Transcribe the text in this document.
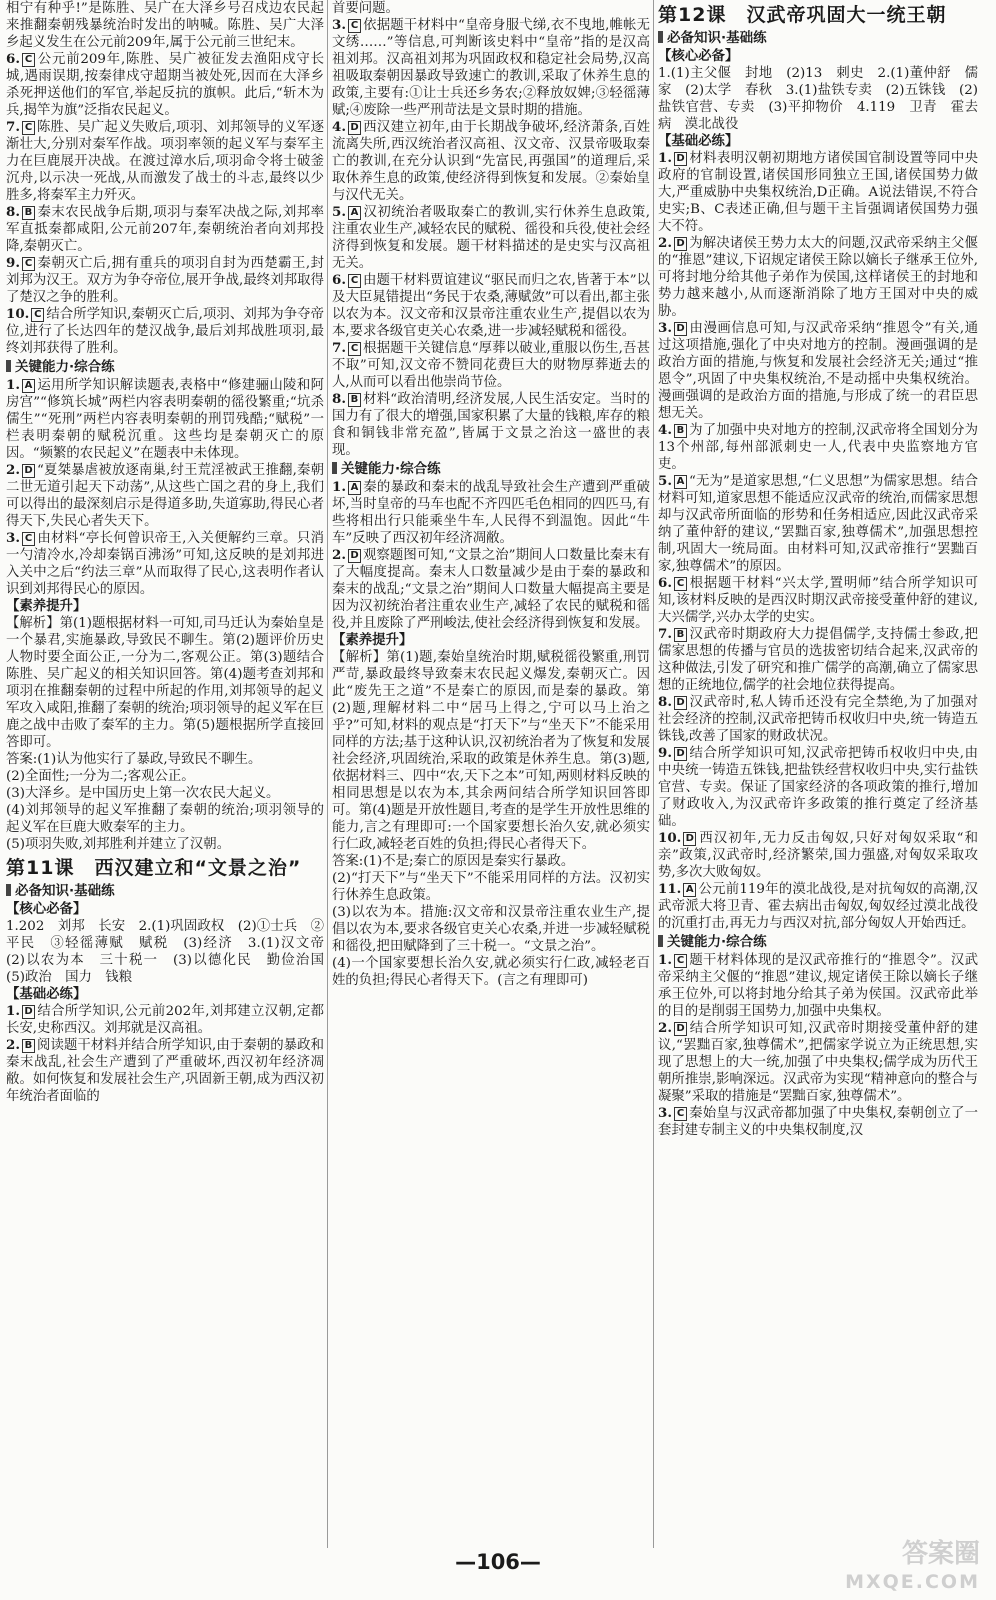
相宁有种乎!”是陈胜、吴广在大泽乡号召戍边农民起来推翻秦朝残暴统治时发出的呐喊。陈胜、吴广大泽乡起义发生在公元前209年,属于公元前三世纪末。

6. C 公元前209年,陈胜、吴广被征发去渔阳戍守长城,遇雨误期,按秦律戍守超期当被处死,因而在大泽乡杀死押送他们的军官,举起反抗的旗帜。此后,“斩木为兵,揭竿为旗”泛指农民起义。

7. C 陈胜、吴广起义失败后,项羽、刘邦领导的义军逐渐壮大,分别对秦军作战。项羽率领的起义军与秦军主力在巨鹿展开决战。在渡过漳水后,项羽命令将士破釜沉舟,以示决一死战,从而激发了战士的斗志,最终以少胜多,将秦军主力歼灭。

8. B 秦末农民战争后期,项羽与秦军决战之际,刘邦率军直抵秦都咸阳,公元前207年,秦朝统治者向刘邦投降,秦朝灭亡。

9. C 秦朝灭亡后,拥有重兵的项羽自封为西楚霸王,封刘邦为汉王。双方为争夺帝位,展开争战,最终刘邦取得了楚汉之争的胜利。

10. C 结合所学知识,秦朝灭亡后,项羽、刘邦为争夺帝位,进行了长达四年的楚汉战争,最后刘邦战胜项羽,最终刘邦获得了胜利。

关键能力·综合练

1. A 运用所学知识解读题表,表格中“修建骊山陵和阿房宫”“修筑长城”两栏内容表明秦朝的徭役繁重;“坑杀儒生”“死刑”两栏内容表明秦朝的刑罚残酷;“赋税”一栏表明秦朝的赋税沉重。这些均是秦朝灭亡的原因。“频繁的农民起义”在题表中未体现。

2. D “夏桀暴虐被放逐南巢,纣王荒淫被武王推翻,秦朝二世无道引起天下动荡”,从这些亡国之君的身上,我们可以得出的最深刻启示是得道多助,失道寡助,得民心者得天下,失民心者失天下。

3. C 由材料“亭长何曾识帝王,入关便解约三章。只消一勺清冷水,冷却秦锅百沸汤”可知,这反映的是刘邦进入关中之后“约法三章”从而取得了民心,这表明作者认识到刘邦得民心的原因。

【素养提升】

【解析】第(1)题根据材料一可知,司马迁认为秦始皇是一个暴君,实施暴政,导致民不聊生。第(2)题评价历史人物时要全面公正,一分为二,客观公正。第(3)题结合陈胜、吴广起义的相关知识回答。第(4)题考查刘邦和项羽在推翻秦朝的过程中所起的作用,刘邦领导的起义军攻入咸阳,推翻了秦朝的统治;项羽领导的起义军在巨鹿之战中击败了秦军的主力。第(5)题根据所学直接回答即可。

答案:(1)认为他实行了暴政,导致民不聊生。

(2)全面性;一分为二;客观公正。

(3)大泽乡。是中国历史上第一次农民大起义。

(4)刘邦领导的起义军推翻了秦朝的统治;项羽领导的起义军在巨鹿大败秦军的主力。

(5)项羽失败,刘邦胜利并建立了汉朝。

第11课　西汉建立和“文景之治”
必备知识·基础练
【核心必备】

1.202　刘邦　长安　2.(1)巩固政权　(2)①士兵　②平民　③轻徭薄赋　赋税　(3)经济　3.(1)汉文帝　(2)以农为本　三十税一　(3)以德化民　勤俭治国　(5)政治　国力　钱粮

【基础必练】

1. D 结合所学知识,公元前202年,刘邦建立汉朝,定都长安,史称西汉。刘邦就是汉高祖。

2. B 阅读题干材料并结合所学知识,由于秦朝的暴政和秦末战乱,社会生产遭到了严重破坏,西汉初年经济凋敝。如何恢复和发展社会生产,巩固新王朝,成为西汉初年统治者面临的

首要问题。

3. C 依据题干材料中“皇帝身服弋绨,衣不曳地,帷帐无文绣……”等信息,可判断该史料中“皇帝”指的是汉高祖刘邦。汉高祖刘邦为巩固政权和稳定社会局势,汉高祖吸取秦朝因暴政导致速亡的教训,采取了休养生息的政策,主要有:①让士兵还乡务农;②释放奴婢;③轻徭薄赋;④废除一些严刑苛法是文景时期的措施。

4. D 西汉建立初年,由于长期战争破坏,经济萧条,百姓流离失所,西汉统治者汉高祖、汉文帝、汉景帝吸取秦亡的教训,在充分认识到“先富民,再强国”的道理后,采取休养生息的政策,使经济得到恢复和发展。②秦始皇与汉代无关。

5. A 汉初统治者吸取秦亡的教训,实行休养生息政策,注重农业生产,减轻农民的赋税、徭役和兵役,使社会经济得到恢复和发展。题干材料描述的是史实与汉高祖无关。

6. C 由题干材料贾谊建议“驱民而归之农,皆著于本”以及大臣晁错提出“务民于农桑,薄赋敛”可以看出,都主张以农为本。汉文帝和汉景帝注重农业生产,提倡以农为本,要求各级官吏关心农桑,进一步减轻赋税和徭役。

7. C 根据题干关键信息“厚葬以破业,重服以伤生,吾甚不取”可知,汉文帝不赞同花费巨大的财物厚葬逝去的人,从而可以看出他崇尚节俭。

8. B 材料“政治清明,经济发展,人民生活安定。当时的国力有了很大的增强,国家积累了大量的钱粮,库存的粮食和铜钱非常充盈”,皆属于文景之治这一盛世的表现。

关键能力·综合练

1. A 秦的暴政和秦末的战乱导致社会生产遭到严重破坏,当时皇帝的马车也配不齐四匹毛色相同的四匹马,有些将相出行只能乘坐牛车,人民得不到温饱。因此“牛车”反映了西汉初年经济凋敝。

2. D 观察题图可知,“文景之治”期间人口数量比秦末有了大幅度提高。秦末人口数量减少是由于秦的暴政和秦末的战乱;“文景之治”期间人口数量大幅提高主要是因为汉初统治者注重农业生产,减轻了农民的赋税和徭役,并且废除了严刑峻法,使社会经济得到恢复和发展。

【素养提升】

【解析】第(1)题,秦始皇统治时期,赋税徭役繁重,刑罚严苛,暴政最终导致秦末农民起义爆发,秦朝灭亡。因此“废先王之道”不是秦亡的原因,而是秦的暴政。第(2)题,理解材料二中“居马上得之,宁可以马上治之乎?”可知,材料的观点是“打天下”与“坐天下”不能采用同样的方法;基于这种认识,汉初统治者为了恢复和发展社会经济,巩固统治,采取的政策是休养生息。第(3)题,依据材料三、四中“农,天下之本”可知,两则材料反映的相同思想是以农为本,其余两问结合所学知识回答即可。第(4)题是开放性题目,考查的是学生开放性思维的能力,言之有理即可:一个国家要想长治久安,就必须实行仁政,减轻老百姓的负担;得民心者得天下。

答案:(1)不是;秦亡的原因是秦实行暴政。

(2)“打天下”与“坐天下”不能采用同样的方法。汉初实行休养生息政策。

(3)以农为本。措施:汉文帝和汉景帝注重农业生产,提倡以农为本,要求各级官吏关心农桑,并进一步减轻赋税和徭役,把田赋降到了三十税一。“文景之治”。

(4)一个国家要想长治久安,就必须实行仁政,减轻老百姓的负担;得民心者得天下。(言之有理即可)

第12课　汉武帝巩固大一统王朝
必备知识·基础练
【核心必备】

1.(1)主父偃　封地　(2)13　刺史　2.(1)董仲舒　儒家　(2)太学　春秋　3.(1)盐铁专卖　(2)五铢钱　(2)盐铁官营、专卖　(3)平抑物价　4.119　卫青　霍去病　漠北战役

【基础必练】

1. D 材料表明汉朝初期地方诸侯国官制设置等同中央政府的官制设置,诸侯国形同独立王国,诸侯国势力做大,严重威胁中央集权统治,D正确。A说法错误,不符合史实;B、C表述正确,但与题干主旨强调诸侯国势力强大不符。

2. D 为解决诸侯王势力太大的问题,汉武帝采纳主父偃的“推恩”建议,下诏规定诸侯王除以嫡长子继承王位外,可将封地分给其他子弟作为侯国,这样诸侯王的封地和势力越来越小,从而逐渐消除了地方王国对中央的威胁。

3. D 由漫画信息可知,与汉武帝采纳“推恩令”有关,通过这项措施,强化了中央对地方的控制。漫画强调的是政治方面的措施,与恢复和发展社会经济无关;通过“推恩令”,巩固了中央集权统治,不是动摇中央集权统治。漫画强调的是政治方面的措施,与形成了统一的君臣思想无关。

4. B 为了加强中央对地方的控制,汉武帝将全国划分为13个州部,每州部派刺史一人,代表中央监察地方官吏。

5. A “无为”是道家思想,“仁义思想”为儒家思想。结合材料可知,道家思想不能适应汉武帝的统治,而儒家思想却与汉武帝所面临的形势和任务相适应,因此汉武帝采纳了董仲舒的建议,“罢黜百家,独尊儒术”,加强思想控制,巩固大一统局面。由材料可知,汉武帝推行“罢黜百家,独尊儒术”的原因。

6. C 根据题干材料“兴太学,置明师”结合所学知识可知,该材料反映的是西汉时期汉武帝接受董仲舒的建议,大兴儒学,兴办太学的史实。

7. B 汉武帝时期政府大力提倡儒学,支持儒士参政,把儒家思想的传播与官员的选拔密切结合起来,汉武帝的这种做法,引发了研究和推广儒学的高潮,确立了儒家思想的正统地位,儒学的社会地位获得提高。

8. D 汉武帝时,私人铸币还没有完全禁绝,为了加强对社会经济的控制,汉武帝把铸币权收归中央,统一铸造五铢钱,改善了国家的财政状况。

9. D 结合所学知识可知,汉武帝把铸币权收归中央,由中央统一铸造五铢钱,把盐铁经营权收归中央,实行盐铁官营、专卖。保证了国家经济的各项政策的推行,增加了财政收入,为汉武帝许多政策的推行奠定了经济基础。

10. D 西汉初年,无力反击匈奴,只好对匈奴采取“和亲”政策,汉武帝时,经济繁荣,国力强盛,对匈奴采取攻势,多次大败匈奴。

11. A 公元前119年的漠北战役,是对抗匈奴的高潮,汉武帝派大将卫青、霍去病出击匈奴,匈奴经过漠北战役的沉重打击,再无力与西汉对抗,部分匈奴人开始西迁。

关键能力·综合练

1. C 题干材料体现的是汉武帝推行的“推恩令”。汉武帝采纳主父偃的“推恩”建议,规定诸侯王除以嫡长子继承王位外,可以将封地分给其子弟为侯国。汉武帝此举的目的是削弱王国势力,加强中央集权。

2. D 结合所学知识可知,汉武帝时期接受董仲舒的建议,“罢黜百家,独尊儒术”,把儒家学说立为正统思想,实现了思想上的大一统,加强了中央集权;儒学成为历代王朝所推崇,影响深远。汉武帝为实现“精神意向的整合与凝聚”采取的措施是“罢黜百家,独尊儒术”。

3. C 秦始皇与汉武帝都加强了中央集权,秦朝创立了一套封建专制主义的中央集权制度,汉

—106—	答案圈
MXQE.COM
